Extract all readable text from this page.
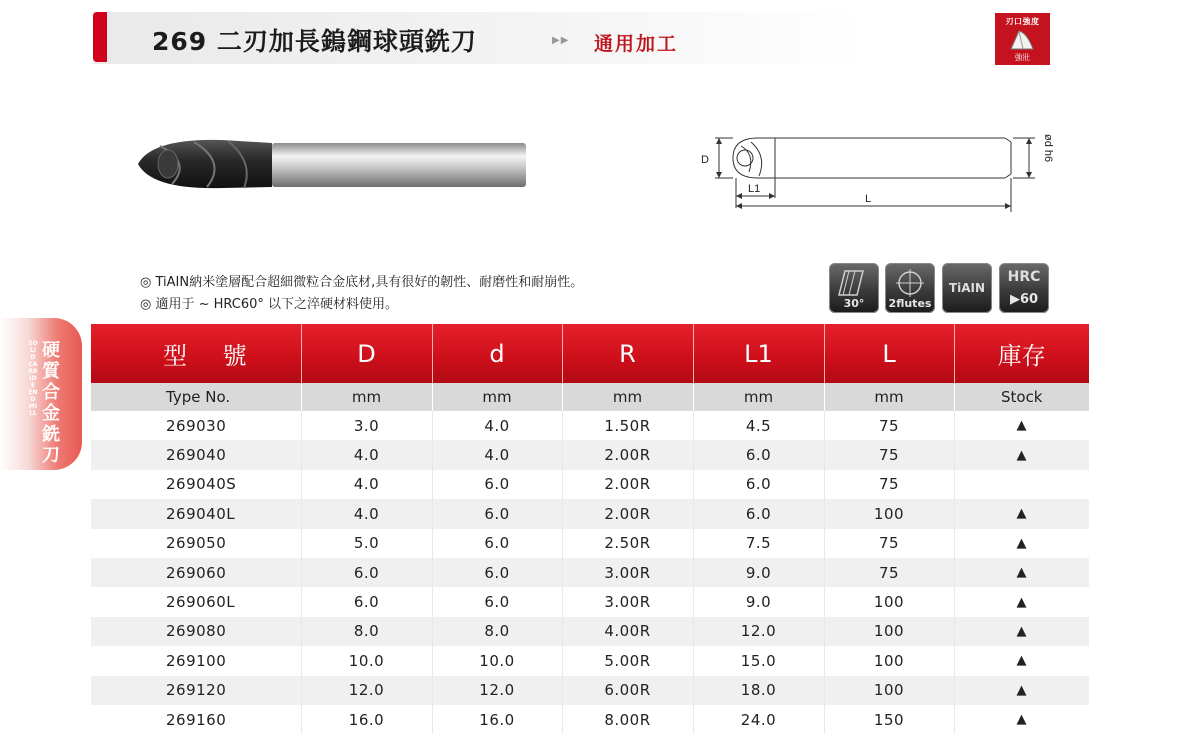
269 二刃加長鎢鋼球頭銑刀	▶▶ 通用加工
刃口強度
強壯
D
L1
L
ød h6
◎ TiAIN納米塗層配合超細微粒合金底材,具有很好的韌性、耐磨性和耐崩性。
◎ 適用于 ~ HRC60° 以下之淬硬材料使用。	30°	2flutes
TiAIN
HRC
▶60
SOLID CARBIDE END MILL
硬質合金銑刀
型 號	D	d	R	L1	L	庫存
Type No.	mm	mm	mm	mm	mm	Stock
269030	3.0	4.0	1.50R	4.5	75	▲
269040	4.0	4.0	2.00R	6.0	75	▲
269040S	4.0	6.0	2.00R	6.0	75	
269040L	4.0	6.0	2.00R	6.0	100	▲
269050	5.0	6.0	2.50R	7.5	75	▲
269060	6.0	6.0	3.00R	9.0	75	▲
269060L	6.0	6.0	3.00R	9.0	100	▲
269080	8.0	8.0	4.00R	12.0	100	▲
269100	10.0	10.0	5.00R	15.0	100	▲
269120	12.0	12.0	6.00R	18.0	100	▲
269160	16.0	16.0	8.00R	24.0	150	▲
